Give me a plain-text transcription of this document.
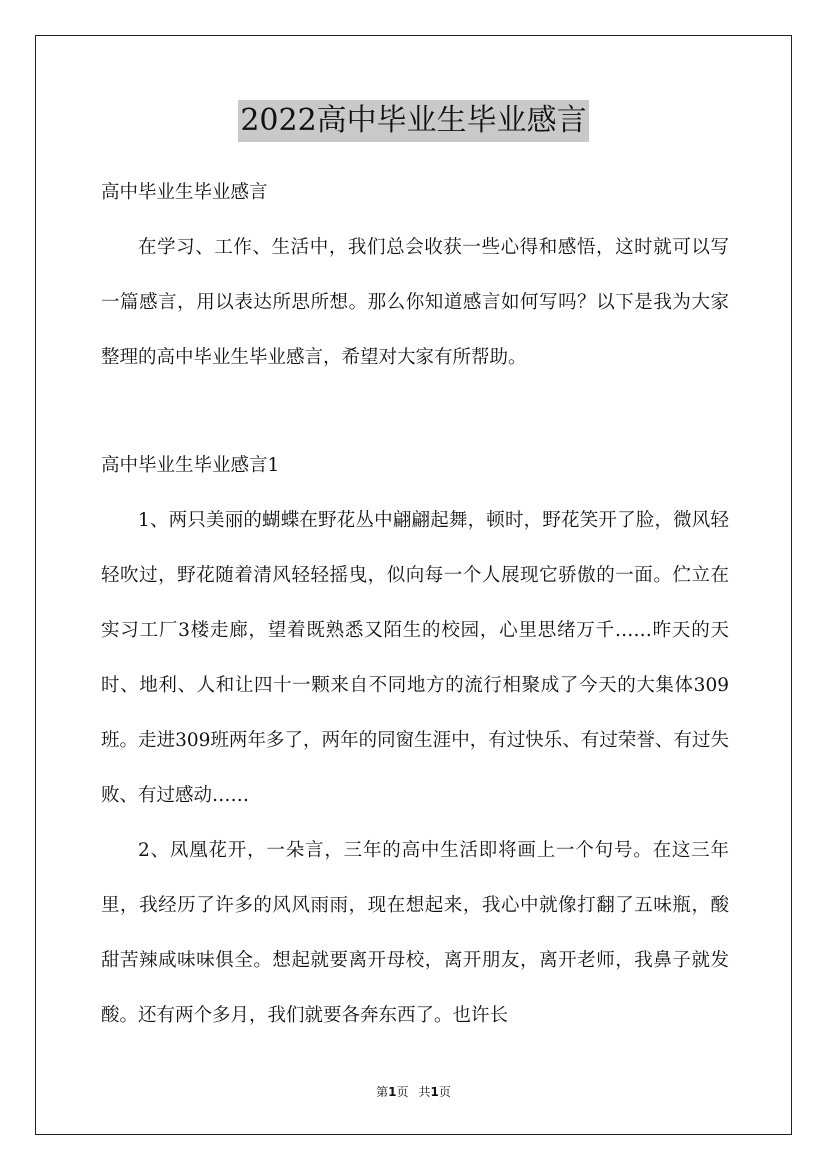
2022高中毕业生毕业感言

高中毕业生毕业感言

在学习、工作、生活中，我们总会收获一些心得和感悟，这时就可以写一篇感言，用以表达所思所想。那么你知道感言如何写吗？以下是我为大家整理的高中毕业生毕业感言，希望对大家有所帮助。

高中毕业生毕业感言1

1、两只美丽的蝴蝶在野花丛中翩翩起舞，顿时，野花笑开了脸，微风轻轻吹过，野花随着清风轻轻摇曳，似向每一个人展现它骄傲的一面。伫立在实习工厂3楼走廊，望着既熟悉又陌生的校园，心里思绪万千……昨天的天时、地利、人和让四十一颗来自不同地方的流行相聚成了今天的大集体309班。走进309班两年多了，两年的同窗生涯中，有过快乐、有过荣誉、有过失败、有过感动……

2、凤凰花开，一朵言，三年的高中生活即将画上一个句号。在这三年里，我经历了许多的风风雨雨，现在想起来，我心中就像打翻了五味瓶，酸甜苦辣咸味味俱全。想起就要离开母校，离开朋友，离开老师，我鼻子就发酸。还有两个多月，我们就要各奔东西了。也许长

第1页 共1页
